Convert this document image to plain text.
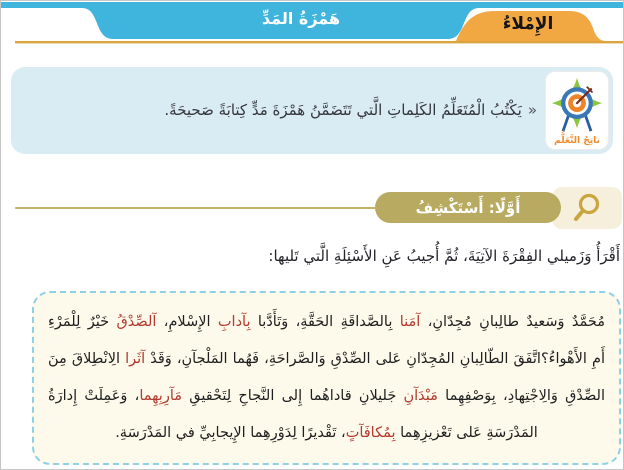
هَمْزَةُ المَدِّ	الإِمْلاءُ
«
يَكْتُبُ الْمُتَعَلِّمُ الكَلِماتِ الَّتي تَتَضَمَّنُ هَمْزَةَ مَدٍّ كِتابَةً صَحيحَةً.
ناتِجُ التَّعَلُّم
أَوَّلًا: أَسْتَكْشِفُ
أَقْرَأُ وَزَميلي الفِقْرَةَ الآتِيَةَ، ثُمَّ أُجيبُ عَنِ الأَسْئِلَةِ الَّتي تَليها:
مُحَمَّدٌ وَسَعيدٌ طالِبانِ مُجِدّانِ، آمَنا بِالصَّداقَةِ الحَقَّةِ، وَتَأَدَّبا بِآدابِ الإِسْلامِ، آلصِّدْقُ خَيْرٌ لِلْمَرْءِ
أَمِ الأَهْواءُ؟اتَّفَقَ الطّالِبانِ المُجِدّانِ عَلى الصِّدْقِ وَالصَّراحَةِ، فَهُما المَلْجآنِ، وَقَدْ آثَرا الِانْطِلاقَ مِنَ
الصِّدْقِ وَالِاجْتِهادِ، بِوَصْفِهِما مَبْدَآنِ جَليلانِ قاداهُما إِلى النَّجاحِ لِتَحْقيقِ مَآرِبِهِما، وَعَمِلَتْ إِدارَةُ
المَدْرَسَةِ عَلى تَعْزيزِهِما بِمُكافَآتٍ، تَقْديرًا لِدَوْرِهِما الإِيجابِيِّ في المَدْرَسَةِ.
